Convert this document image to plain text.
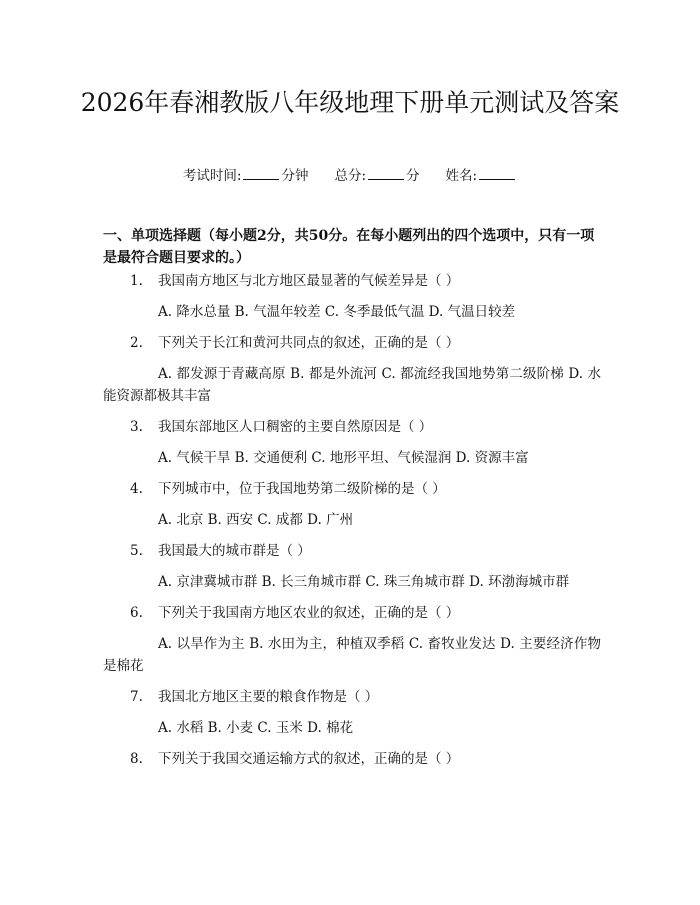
2026年春湘教版八年级地理下册单元测试及答案
考试时间:	分钟 总分:	分 姓名:
一、单项选择题（每小题2分，共50分。在每小题列出的四个选项中，只有一项是最符合题目要求的。）
1. 我国南方地区与北方地区最显著的气候差异是（ ）
A. 降水总量 B. 气温年较差 C. 冬季最低气温 D. 气温日较差
2. 下列关于长江和黄河共同点的叙述，正确的是（ ）
A. 都发源于青藏高原 B. 都是外流河 C. 都流经我国地势第二级阶梯 D. 水能资源都极其丰富
3. 我国东部地区人口稠密的主要自然原因是（ ）
A. 气候干旱 B. 交通便利 C. 地形平坦、气候湿润 D. 资源丰富
4. 下列城市中，位于我国地势第二级阶梯的是（ ）
A. 北京 B. 西安 C. 成都 D. 广州
5. 我国最大的城市群是（ ）
A. 京津冀城市群 B. 长三角城市群 C. 珠三角城市群 D. 环渤海城市群
6. 下列关于我国南方地区农业的叙述，正确的是（ ）
A. 以旱作为主 B. 水田为主，种植双季稻 C. 畜牧业发达 D. 主要经济作物是棉花
7. 我国北方地区主要的粮食作物是（ ）
A. 水稻 B. 小麦 C. 玉米 D. 棉花
8. 下列关于我国交通运输方式的叙述，正确的是（ ）
